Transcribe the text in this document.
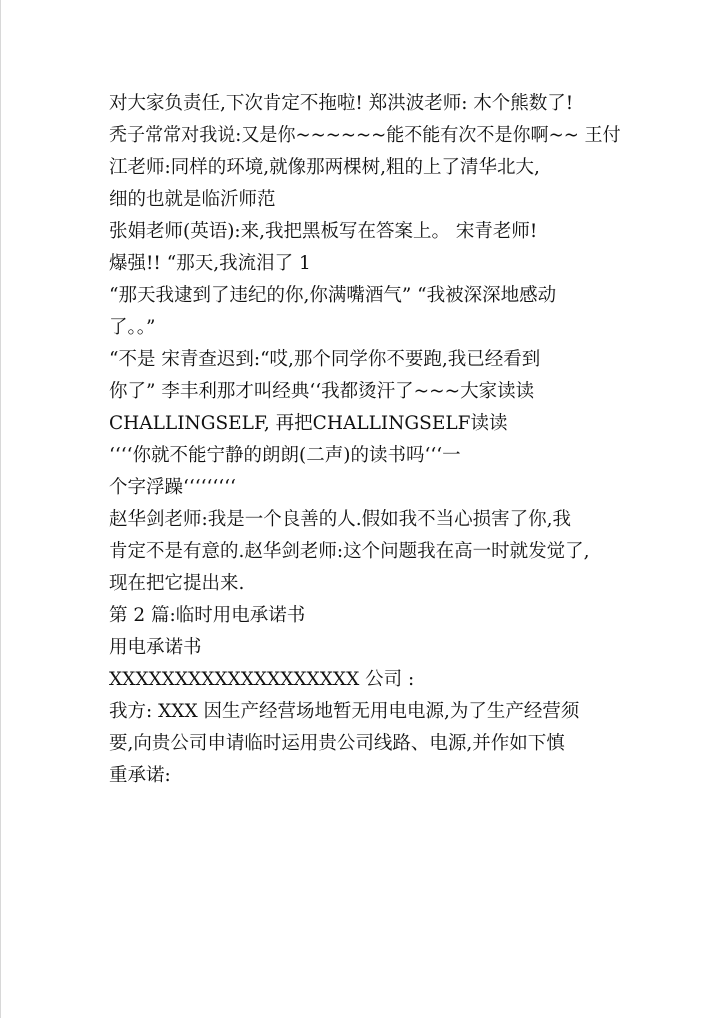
对大家负责任,下次肯定不拖啦! 郑洪波老师: 木个熊数了!
秃子常常对我说:又是你~~~~~~能不能有次不是你啊~~ 王付
江老师:同样的环境,就像那两棵树,粗的上了清华北大,
细的也就是临沂师范
张娟老师(英语):来,我把黑板写在答案上。 宋青老师!
爆强!! “那天,我流泪了 1
“那天我逮到了违纪的你,你满嘴酒气” “我被深深地感动
了。。”
“不是 宋青查迟到:“哎,那个同学你不要跑,我已经看到
你了” 李丰利那才叫经典‘‘我都烫汗了~~~大家读读
CHALLINGSELF, 再把CHALLINGSELF读读
‘‘‘‘你就不能宁静的朗朗(二声)的读书吗‘‘‘一
个字浮躁‘‘‘‘‘‘‘‘‘
赵华剑老师:我是一个良善的人.假如我不当心损害了你,我
肯定不是有意的.赵华剑老师:这个问题我在高一时就发觉了,
现在把它提出来.
第 2 篇:临时用电承诺书
用电承诺书
XXXXXXXXXXXXXXXXXXX 公司 :
我方: XXX 因生产经营场地暂无用电电源,为了生产经营须
要,向贵公司申请临时运用贵公司线路、电源,并作如下慎
重承诺:
